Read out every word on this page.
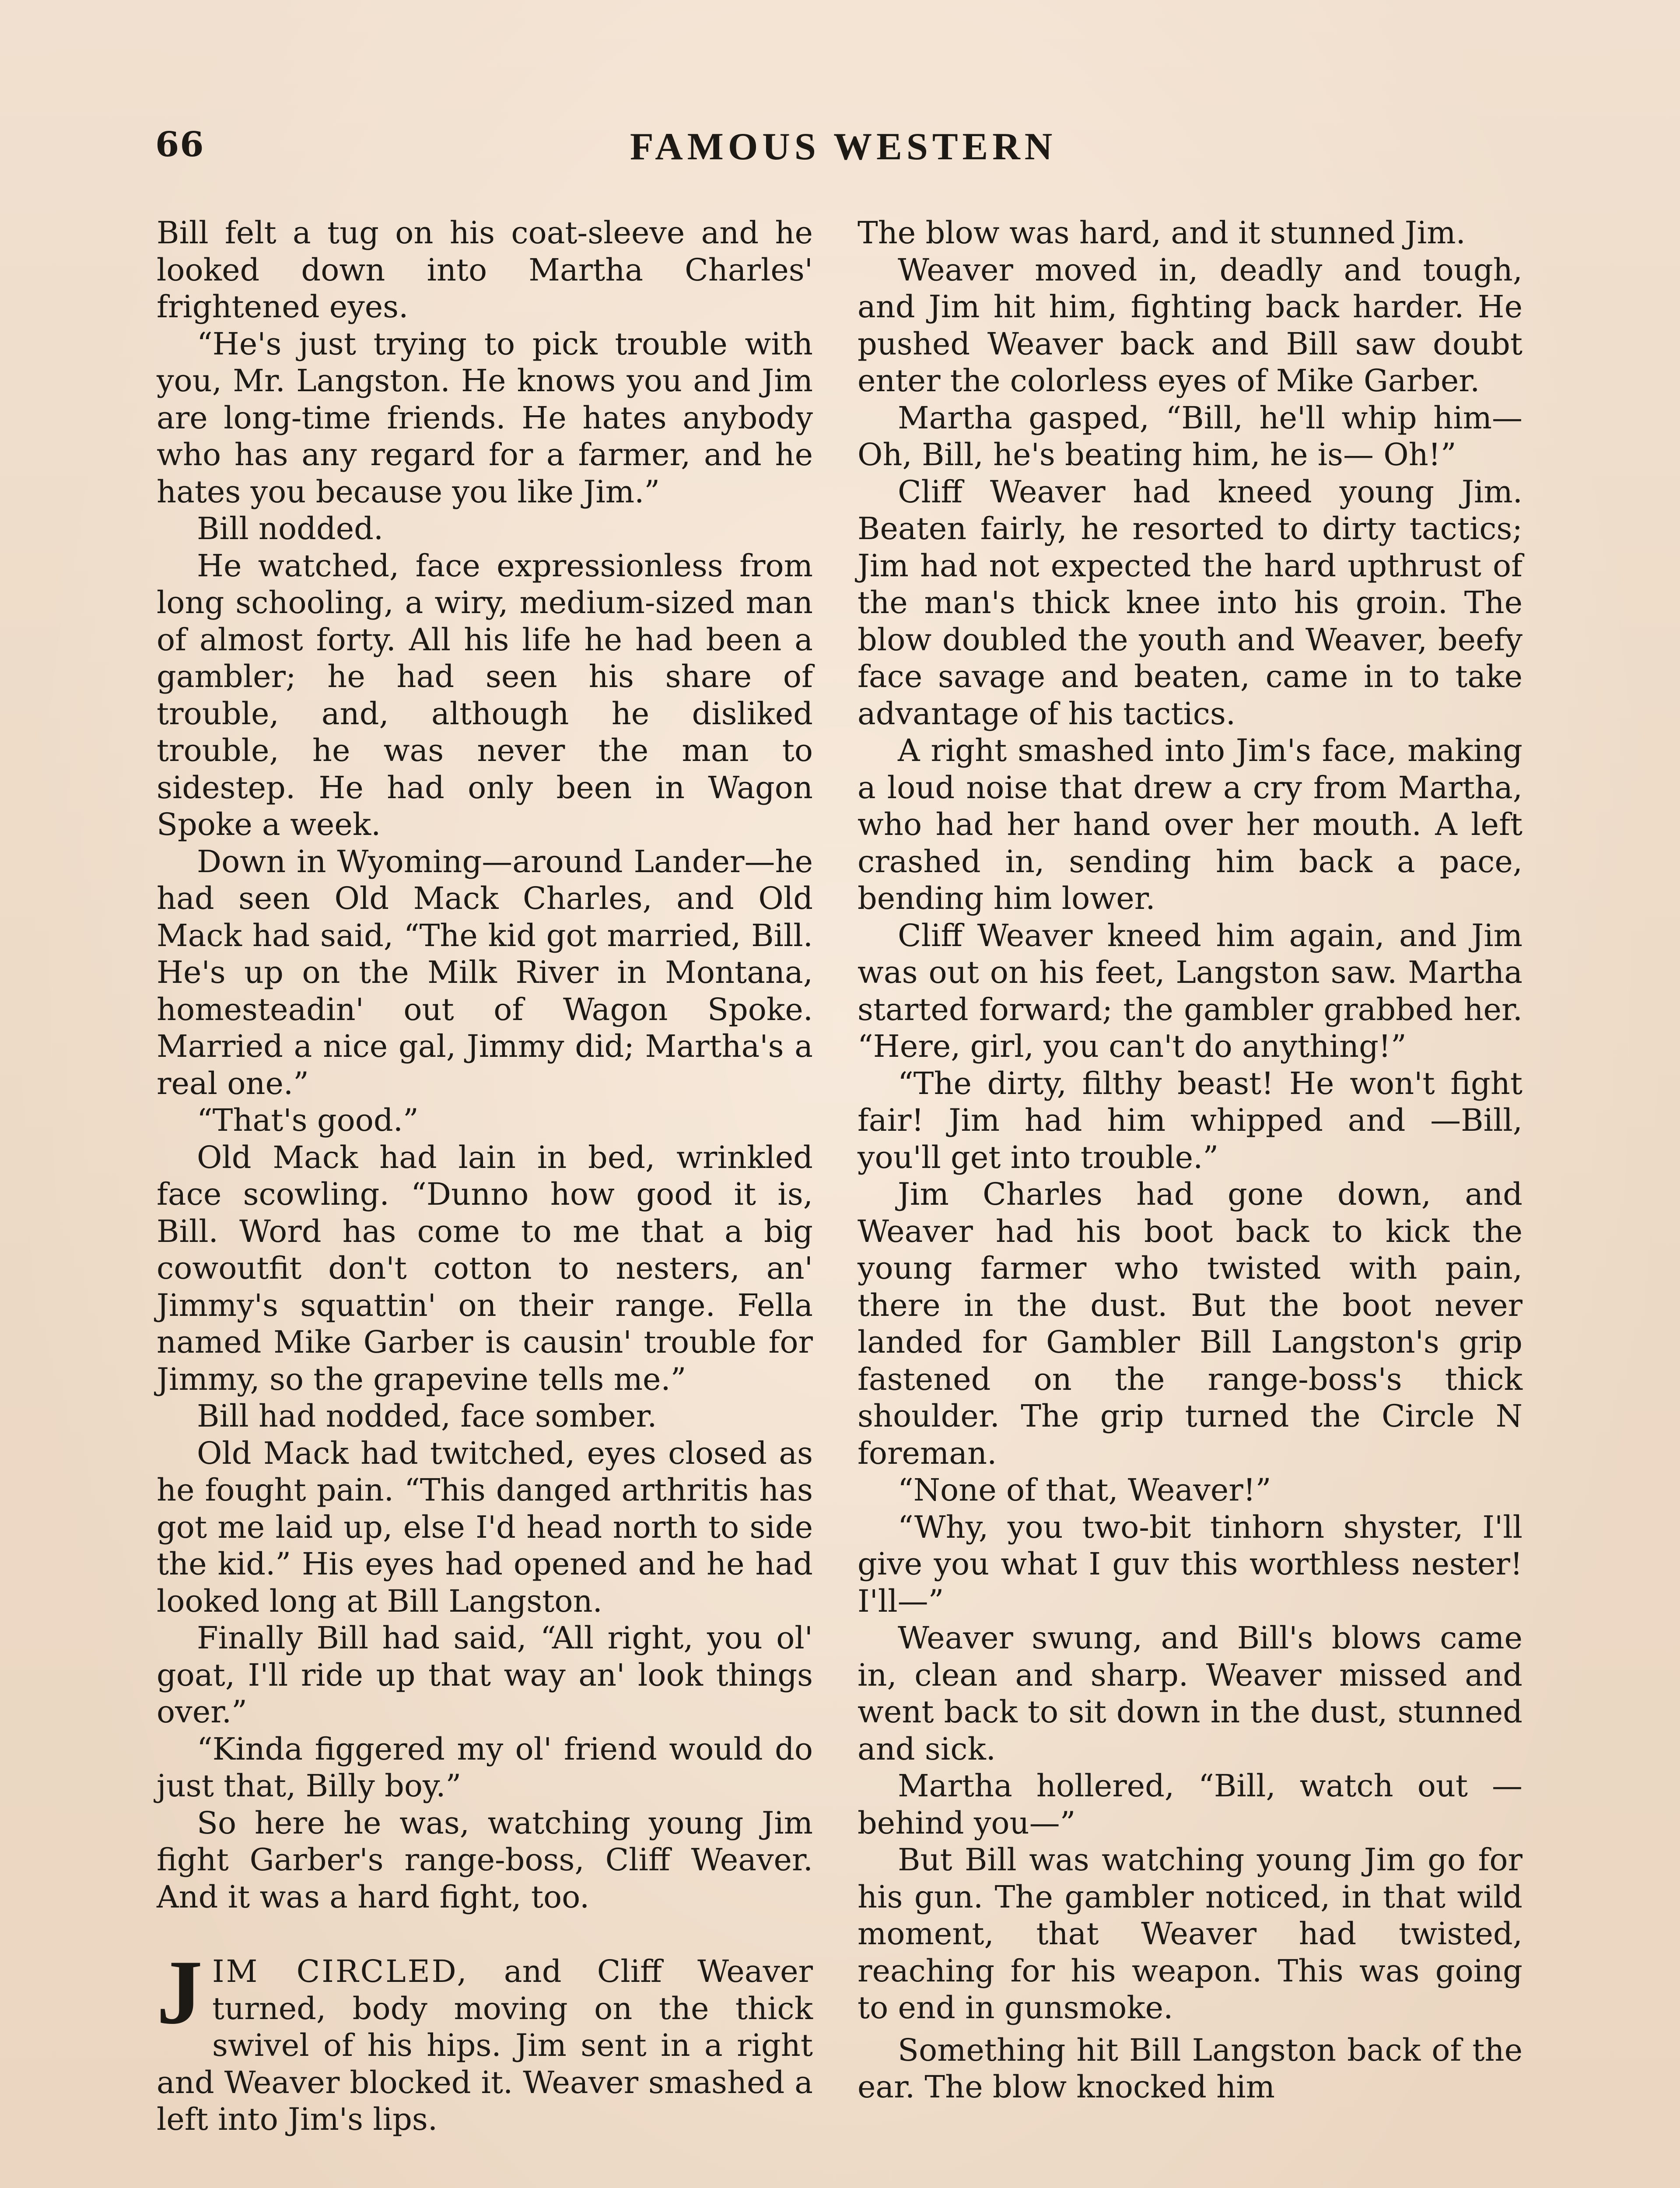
66	FAMOUS WESTERN

Bill felt a tug on his coat-sleeve and he looked down into Martha Charles' frightened eyes.

“He's just trying to pick trouble with you, Mr. Langston. He knows you and Jim are long-time friends. He hates anybody who has any regard for a farmer, and he hates you because you like Jim.”

Bill nodded.

He watched, face expressionless from long schooling, a wiry, medium-sized man of almost forty. All his life he had been a gambler; he had seen his share of trouble, and, although he disliked trouble, he was never the man to sidestep. He had only been in Wagon Spoke a week.

Down in Wyoming—around Lander—he had seen Old Mack Charles, and Old Mack had said, “The kid got married, Bill. He's up on the Milk River in Montana, homesteadin' out of Wagon Spoke. Married a nice gal, Jimmy did; Martha's a real one.”

“That's good.”

Old Mack had lain in bed, wrinkled face scowling. “Dunno how good it is, Bill. Word has come to me that a big cowoutfit don't cotton to nesters, an' Jimmy's squattin' on their range. Fella named Mike Garber is causin' trouble for Jimmy, so the grapevine tells me.”

Bill had nodded, face somber.

Old Mack had twitched, eyes closed as he fought pain. “This danged arthritis has got me laid up, else I'd head north to side the kid.” His eyes had opened and he had looked long at Bill Langston.

Finally Bill had said, “All right, you ol' goat, I'll ride up that way an' look things over.”

“Kinda figgered my ol' friend would do just that, Billy boy.”

So here he was, watching young Jim fight Garber's range-boss, Cliff Weaver. And it was a hard fight, too.

JIM CIRCLED, and Cliff Weaver turned, body moving on the thick swivel of his hips. Jim sent in a right and Weaver blocked it. Weaver smashed a left into Jim's lips.

The blow was hard, and it stunned Jim.

Weaver moved in, deadly and tough, and Jim hit him, fighting back harder. He pushed Weaver back and Bill saw doubt enter the colorless eyes of Mike Garber.

Martha gasped, “Bill, he'll whip him— Oh, Bill, he's beating him, he is— Oh!”

Cliff Weaver had kneed young Jim. Beaten fairly, he resorted to dirty tactics; Jim had not expected the hard upthrust of the man's thick knee into his groin. The blow doubled the youth and Weaver, beefy face savage and beaten, came in to take advantage of his tactics.

A right smashed into Jim's face, making a loud noise that drew a cry from Martha, who had her hand over her mouth. A left crashed in, sending him back a pace, bending him lower.

Cliff Weaver kneed him again, and Jim was out on his feet, Langston saw. Martha started forward; the gambler grabbed her. “Here, girl, you can't do anything!”

“The dirty, filthy beast! He won't fight fair! Jim had him whipped and —Bill, you'll get into trouble.”

Jim Charles had gone down, and Weaver had his boot back to kick the young farmer who twisted with pain, there in the dust. But the boot never landed for Gambler Bill Langston's grip fastened on the range-boss's thick shoulder. The grip turned the Circle N foreman.

“None of that, Weaver!”

“Why, you two-bit tinhorn shyster, I'll give you what I guv this worthless nester! I'll—”

Weaver swung, and Bill's blows came in, clean and sharp. Weaver missed and went back to sit down in the dust, stunned and sick.

Martha hollered, “Bill, watch out —behind you—”

But Bill was watching young Jim go for his gun. The gambler noticed, in that wild moment, that Weaver had twisted, reaching for his weapon. This was going to end in gunsmoke.

Something hit Bill Langston back of the ear. The blow knocked him
